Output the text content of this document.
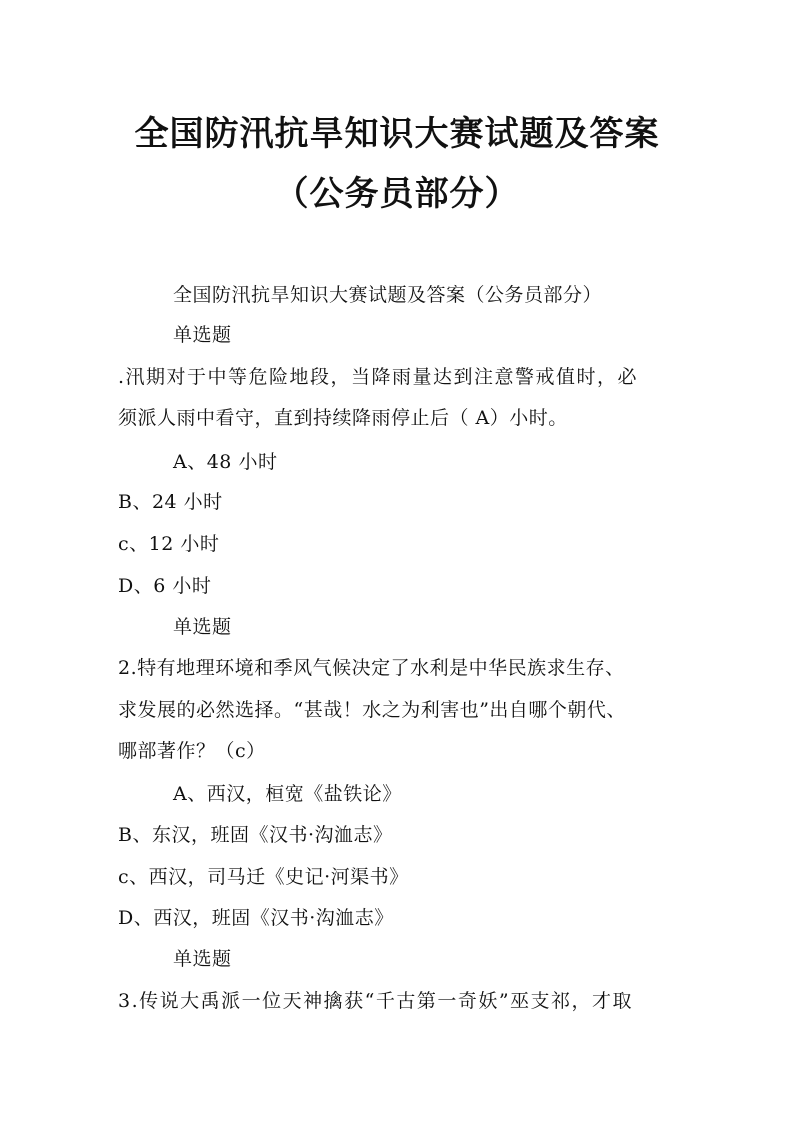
全国防汛抗旱知识大赛试题及答案
（公务员部分）
全国防汛抗旱知识大赛试题及答案（公务员部分）
单选题
.汛期对于中等危险地段，当降雨量达到注意警戒值时，必
须派人雨中看守，直到持续降雨停止后（ A）小时。
A、48 小时
B、24 小时
c、12 小时
D、6 小时
单选题
2.特有地理环境和季风气候决定了水利是中华民族求生存、
求发展的必然选择。“甚哉！水之为利害也”出自哪个朝代、
哪部著作？（c）
A、西汉，桓宽《盐铁论》
B、东汉，班固《汉书·沟洫志》
c、西汉，司马迁《史记·河渠书》
D、西汉，班固《汉书·沟洫志》
单选题
3.传说大禹派一位天神擒获“千古第一奇妖”巫支祁，才取
